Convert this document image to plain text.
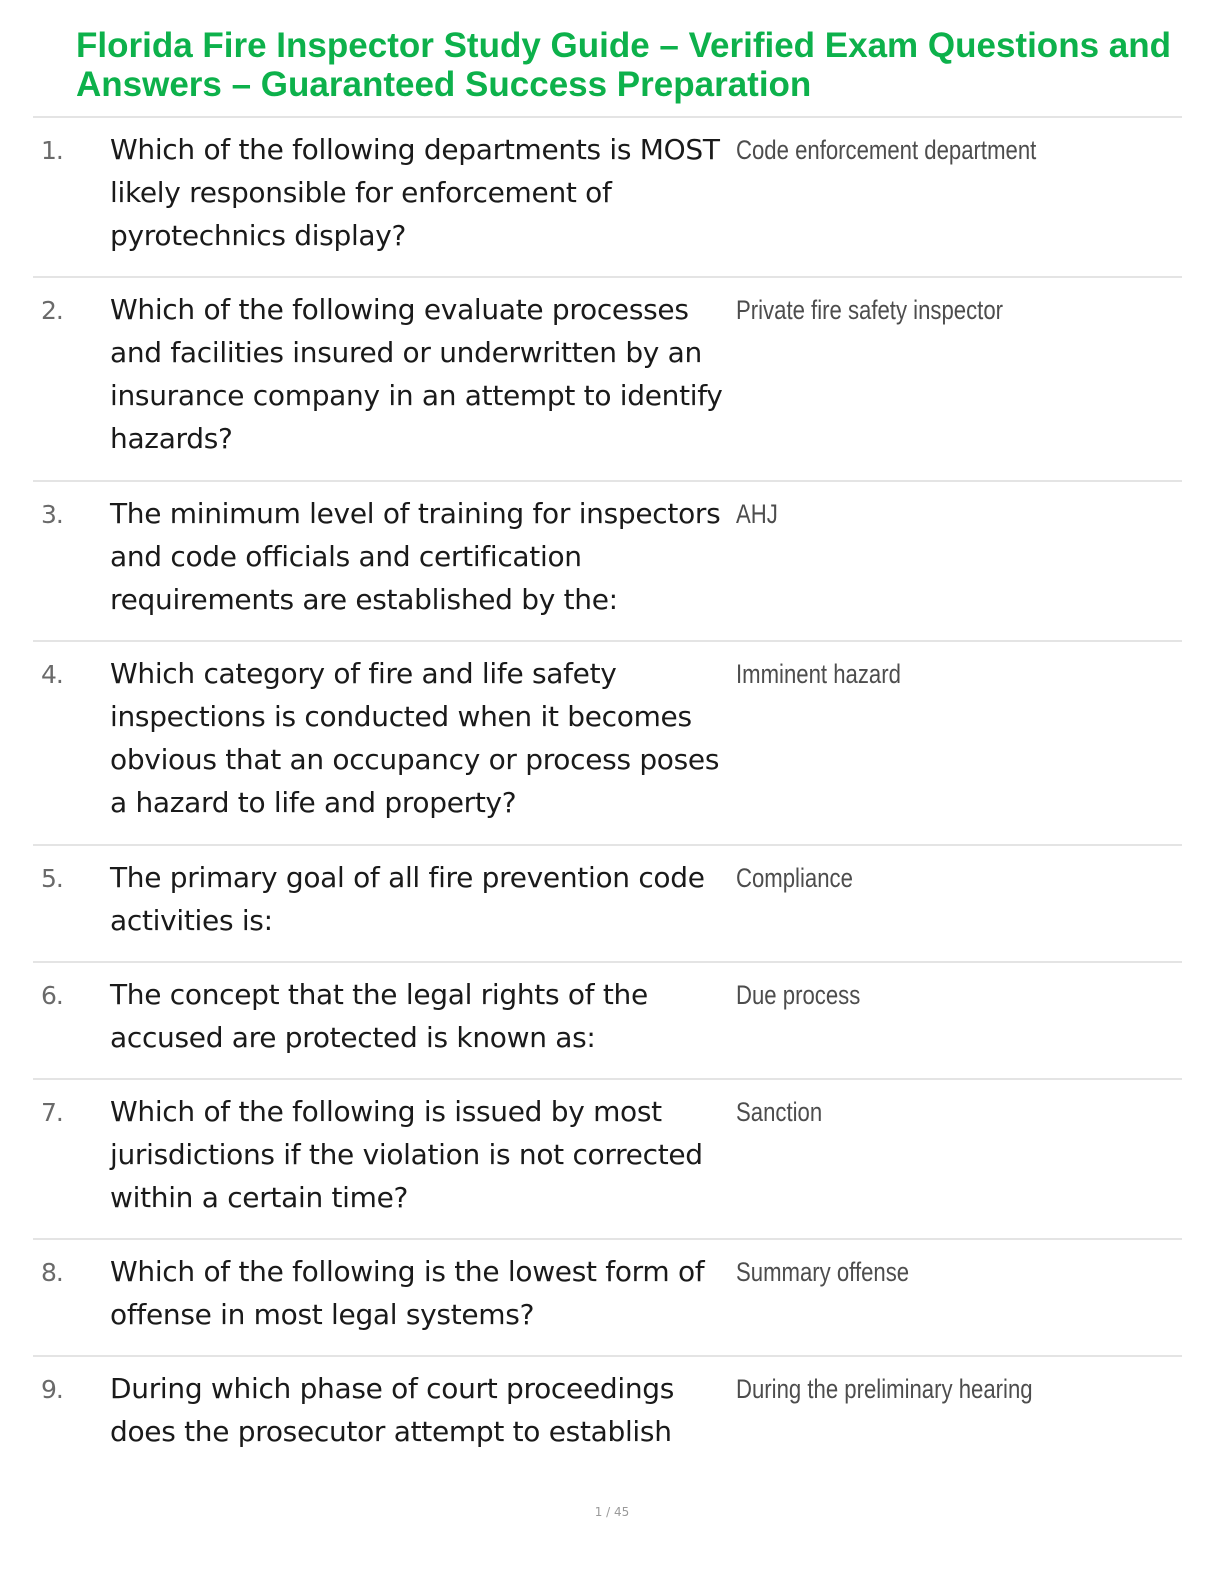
Florida Fire Inspector Study Guide – Verified Exam Questions and Answers – Guaranteed Success Preparation
1. Which of the following departments is MOST likely responsible for enforcement of pyrotechnics display?
Code enforcement department
2. Which of the following evaluate processes and facilities insured or underwritten by an insurance company in an attempt to identify hazards?
Private fire safety inspector
3. The minimum level of training for inspectors and code officials and certification requirements are established by the:
AHJ
4. Which category of fire and life safety inspections is conducted when it becomes obvious that an occupancy or process poses a hazard to life and property?
Imminent hazard
5. The primary goal of all fire prevention code activities is:
Compliance
6. The concept that the legal rights of the accused are protected is known as:
Due process
7. Which of the following is issued by most jurisdictions if the violation is not corrected within a certain time?
Sanction
8. Which of the following is the lowest form of offense in most legal systems?
Summary offense
9. During which phase of court proceedings does the prosecutor attempt to establish
During the preliminary hearing
1 / 45
